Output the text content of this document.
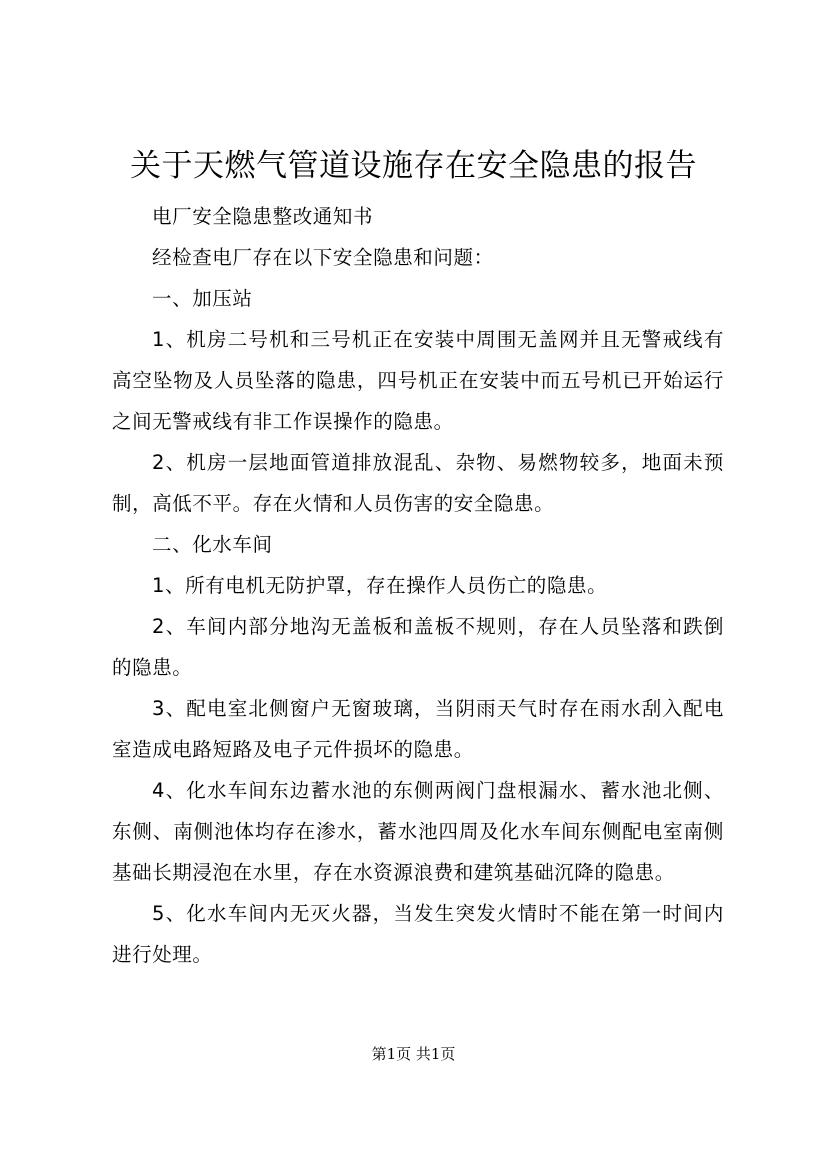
关于天燃气管道设施存在安全隐患的报告

电厂安全隐患整改通知书

经检查电厂存在以下安全隐患和问题：

一、加压站

1、机房二号机和三号机正在安装中周围无盖网并且无警戒线有高空坠物及人员坠落的隐患，四号机正在安装中而五号机已开始运行之间无警戒线有非工作误操作的隐患。

2、机房一层地面管道排放混乱、杂物、易燃物较多，地面未预制，高低不平。存在火情和人员伤害的安全隐患。

二、化水车间

1、所有电机无防护罩，存在操作人员伤亡的隐患。

2、车间内部分地沟无盖板和盖板不规则，存在人员坠落和跌倒的隐患。

3、配电室北侧窗户无窗玻璃，当阴雨天气时存在雨水刮入配电室造成电路短路及电子元件损坏的隐患。

4、化水车间东边蓄水池的东侧两阀门盘根漏水、蓄水池北侧、东侧、南侧池体均存在渗水，蓄水池四周及化水车间东侧配电室南侧基础长期浸泡在水里，存在水资源浪费和建筑基础沉降的隐患。

5、化水车间内无灭火器，当发生突发火情时不能在第一时间内进行处理。

第1页 共1页
